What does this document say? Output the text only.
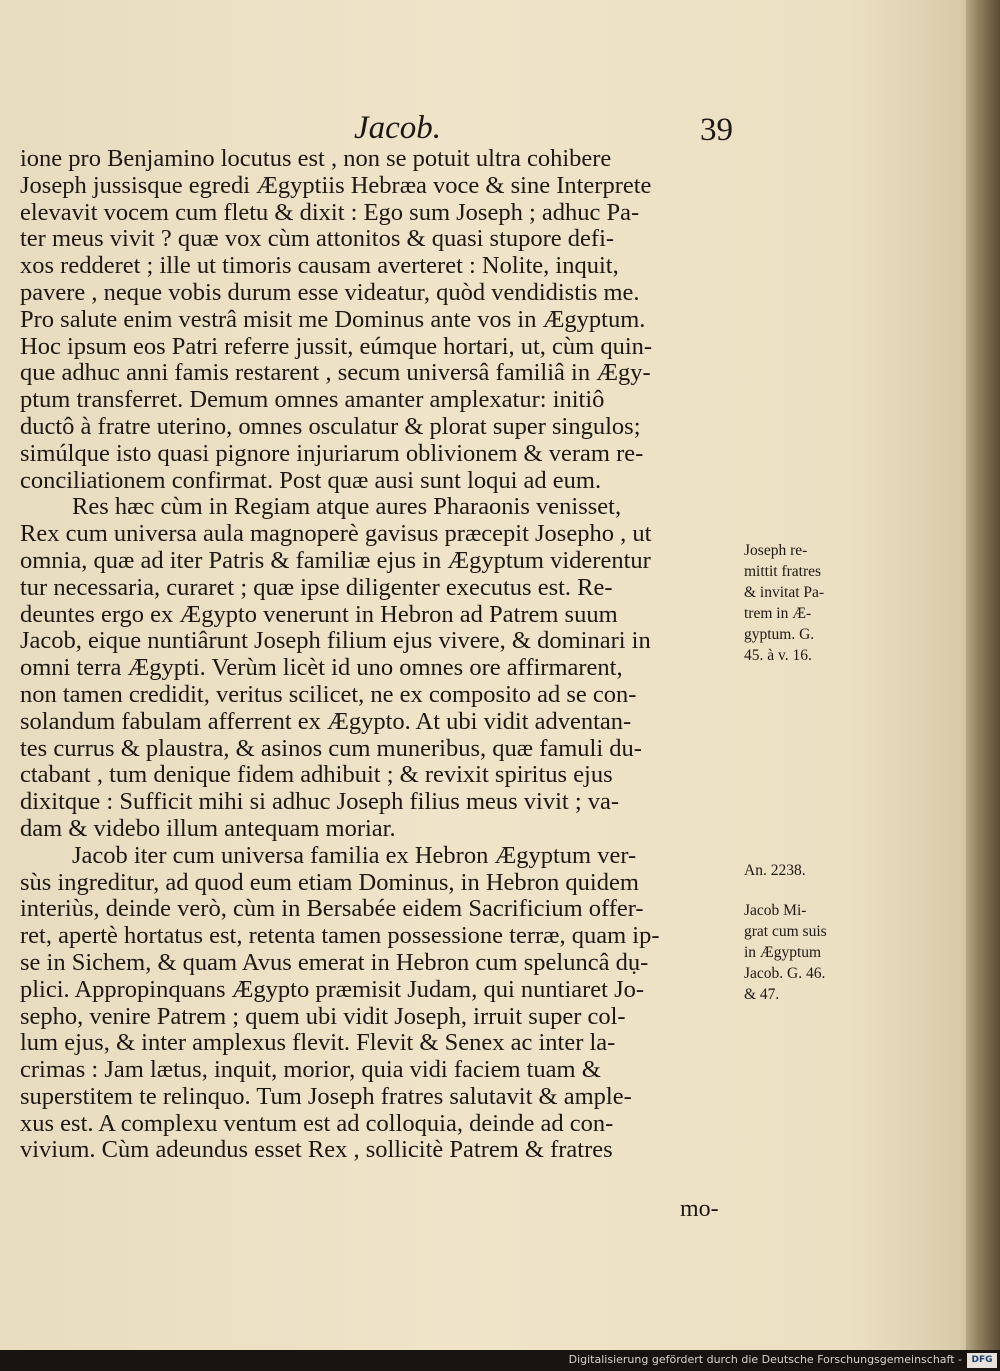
Jacob.	39
ione pro Benjamino locutus est , non se potuit ultra cohibere
Joseph jussisque egredi Ægyptiis Hebræa voce & sine Interprete
elevavit vocem cum fletu & dixit : Ego sum Joseph ; adhuc Pa-
ter meus vivit ? quæ vox cùm attonitos & quasi stupore defi-
xos redderet ; ille ut timoris causam averteret : Nolite, inquit,
pavere , neque vobis durum esse videatur, quòd vendidistis me.
Pro salute enim vestrâ misit me Dominus ante vos in Ægyptum.
Hoc ipsum eos Patri referre jussit, eúmque hortari, ut, cùm quin-
que adhuc anni famis restarent , secum universâ familiâ in Ægy-
ptum transferret. Demum omnes amanter amplexatur: initiô
ductô à fratre uterino, omnes osculatur & plorat super singulos;
simúlque isto quasi pignore injuriarum oblivionem & veram re-
conciliationem confirmat. Post quæ ausi sunt loqui ad eum.
Res hæc cùm in Regiam atque aures Pharaonis venisset,
Rex cum universa aula magnoperè gavisus præcepit Josepho , ut
omnia, quæ ad iter Patris & familiæ ejus in Ægyptum viderentur
tur necessaria, curaret ; quæ ipse diligenter executus est. Re-
deuntes ergo ex Ægypto venerunt in Hebron ad Patrem suum
Jacob, eique nuntiârunt Joseph filium ejus vivere, & dominari in
omni terra Ægypti. Verùm licèt id uno omnes ore affirmarent,
non tamen credidit, veritus scilicet, ne ex composito ad se con-
solandum fabulam afferrent ex Ægypto. At ubi vidit adventan-
tes currus & plaustra, & asinos cum muneribus, quæ famuli du-
ctabant , tum denique fidem adhibuit ; & revixit spiritus ejus
dixitque : Sufficit mihi si adhuc Joseph filius meus vivit ; va-
dam & videbo illum antequam moriar.
Jacob iter cum universa familia ex Hebron Ægyptum ver-
sùs ingreditur, ad quod eum etiam Dominus, in Hebron quidem
interiùs, deinde verò, cùm in Bersabée eidem Sacrificium offer-
ret, apertè hortatus est, retenta tamen possessione terræ, quam ip-
se in Sichem, & quam Avus emerat in Hebron cum speluncâ dụ-
plici. Appropinquans Ægypto præmisit Judam, qui nuntiaret Jo-
sepho, venire Patrem ; quem ubi vidit Joseph, irruit super col-
lum ejus, & inter amplexus flevit. Flevit & Senex ac inter la-
crimas : Jam lætus, inquit, morior, quia vidi faciem tuam &
superstitem te relinquo. Tum Joseph fratres salutavit & ample-
xus est. A complexu ventum est ad colloquia, deinde ad con-
vivium. Cùm adeundus esset Rex , sollicitè Patrem & fratres
Joseph re-
mittit fratres
& invitat Pa-
trem in Æ-
gyptum. G.
45. à v. 16.
An. 2238.
Jacob Mi-
grat cum suis
in Ægyptum
Jacob. G. 46.
& 47.
mo-
Digitalisierung gefördert durch die Deutsche Forschungsgemeinschaft -	DFG
